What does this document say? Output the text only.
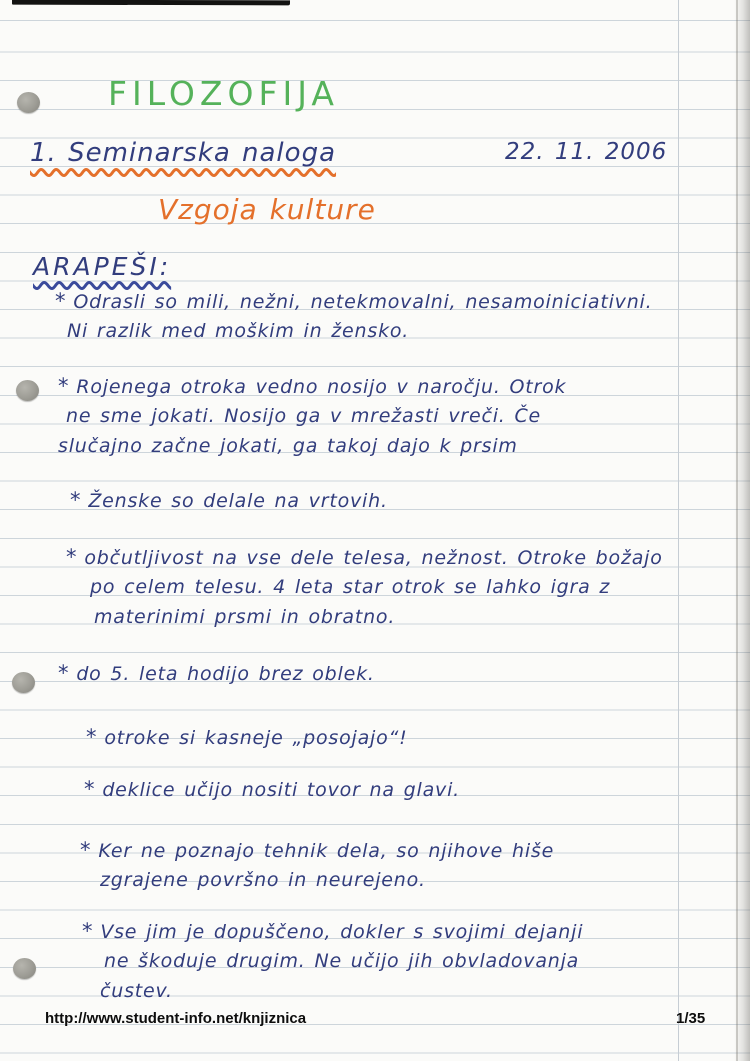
FILOZOFIJA
1. Seminarska naloga	22. 11. 2006
Vzgoja kulture
ARAPEŠI:
* Odrasli so mili, nežni, netekmovalni, nesamoiniciativni.
Ni razlik med moškim in žensko.
* Rojenega otroka vedno nosijo v naročju. Otrok
ne sme jokati. Nosijo ga v mrežasti vreči. Če
slučajno začne jokati, ga takoj dajo k prsim
* Ženske so delale na vrtovih.
* občutljivost na vse dele telesa, nežnost. Otroke božajo
po celem telesu. 4 leta star otrok se lahko igra z
materinimi prsmi in obratno.
* do 5. leta hodijo brez oblek.
* otroke si kasneje „posojajo“!
* deklice učijo nositi tovor na glavi.
* Ker ne poznajo tehnik dela, so njihove hiše
zgrajene površno in neurejeno.
* Vse jim je dopuščeno, dokler s svojimi dejanji
ne škoduje drugim. Ne učijo jih obvladovanja
čustev.
http://www.student-info.net/knjiznica	1/35
